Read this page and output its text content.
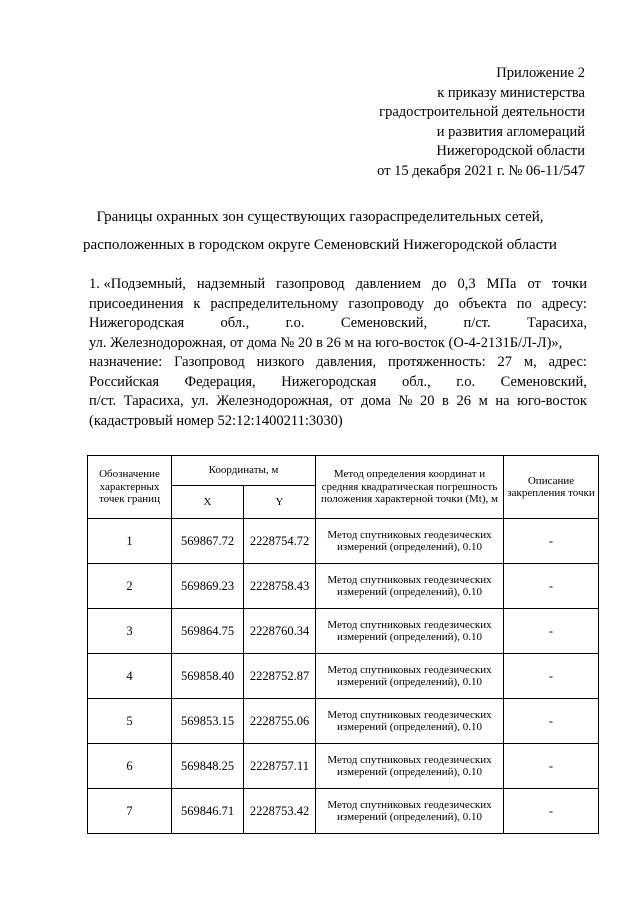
Приложение 2
к приказу министерства
градостроительной деятельности
и развития агломераций
Нижегородской области
от 15 декабря 2021 г. № 06-11/547
Границы охранных зон существующих газораспределительных сетей,
расположенных в городском округе Семеновский Нижегородской области
1. «Подземный, надземный газопровод давлением до 0,3 МПа от точки
присоединения к распределительному газопроводу до объекта по адресу:
Нижегородская	обл.,	г.о.	Семеновский,	п/ст.	Тарасиха,
ул. Железнодорожная, от дома № 20 в 26 м на юго-восток (О-4-2131Б/Л-Л)»,
назначение: Газопровод низкого давления, протяженность: 27 м, адрес:
Российская Федерация, Нижегородская обл., г.о. Семеновский,
п/ст. Тарасиха, ул. Железнодорожная, от дома № 20 в 26 м на юго-восток
(кадастровый номер 52:12:1400211:3030)
Обозначение характерных точек границ	Координаты, м		Метод определения координат и средняя квадратическая погрешность положения характерной точки (Mt), м	Описание закрепления точки
	X	Y		
1	569867.72	2228754.72	Метод спутниковых геодезических измерений (определений), 0.10	-
2	569869.23	2228758.43	Метод спутниковых геодезических измерений (определений), 0.10	-
3	569864.75	2228760.34	Метод спутниковых геодезических измерений (определений), 0.10	-
4	569858.40	2228752.87	Метод спутниковых геодезических измерений (определений), 0.10	-
5	569853.15	2228755.06	Метод спутниковых геодезических измерений (определений), 0.10	-
6	569848.25	2228757.11	Метод спутниковых геодезических измерений (определений), 0.10	-
7	569846.71	2228753.42	Метод спутниковых геодезических измерений (определений), 0.10	-
